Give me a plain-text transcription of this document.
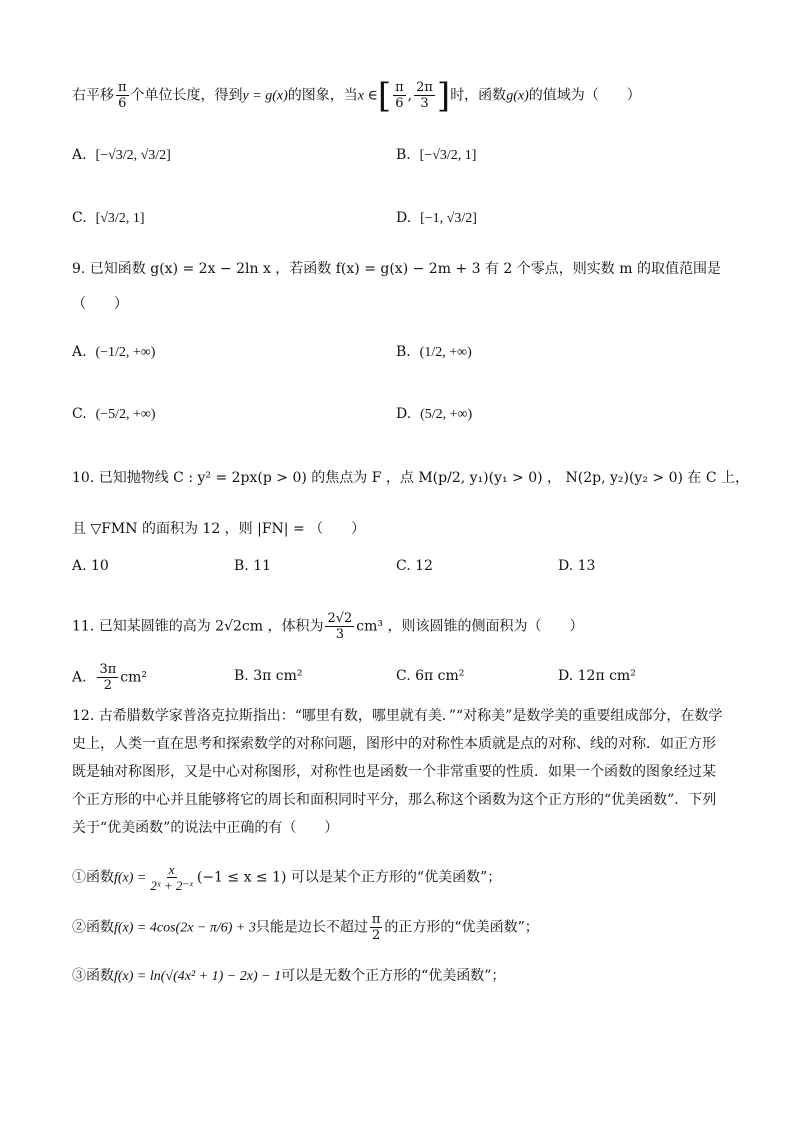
右平移 $\frac{\pi}{6}$ 个单位长度，得到y = g(x)的图象，当x ∈[ $\frac{\pi}{6}$ , $\frac{2\pi}{3}$ ]时，函数g(x)的值域为（　　）
A. [−√3/2, √3/2]	B. [−√3/2, 1]
C. [√3/2, 1]	D. [−1, √3/2]
9. 已知函数 g(x) = 2x − 2ln x ，若函数 f(x) = g(x) − 2m + 3 有 2 个零点，则实数 m 的取值范围是
（　　）
A. (−1/2, +∞)	B. (1/2, +∞)
C. (−5/2, +∞)	D. (5/2, +∞)
10. 已知抛物线 C : y² = 2px(p > 0) 的焦点为 F ，点 M(p/2, y₁)(y₁ > 0) ， N(2p, y₂)(y₂ > 0) 在 C 上，
且 ▽FMN 的面积为 12 ，则 |FN| = （　　）
A. 10	B. 11	C. 12	D. 13
11. 已知某圆锥的高为 2√2cm ，体积为 $\frac{2√2}{3} cm^3$ ，则该圆锥的侧面积为（　　）
A. $\frac{3\pi}{2} cm^2$	B. 3π cm²	C. 6π cm²	D. 12π cm²
12. 古希腊数学家普洛克拉斯指出：“哪里有数，哪里就有美．”“对称美”是数学美的重要组成部分，在数学史上，人类一直在思考和探索数学的对称问题，图形中的对称性本质就是点的对称、线的对称．如正方形既是轴对称图形，又是中心对称图形，对称性也是函数一个非常重要的性质．如果一个函数的图象经过某个正方形的中心并且能够将它的周长和面积同时平分，那么称这个函数为这个正方形的“优美函数”．下列关于“优美函数”的说法中正确的有（　　）
①函数$f(x) = \frac{x}{\text{2ˣ + 2⁻ˣ}} (-1 \le x \le 1)$ 可以是某个正方形的“优美函数”；
②函数f(x) = 4cos(2x − π/6) + 3只能是边长不超过 $\frac{\pi}{2}$ 的正方形的“优美函数”；
③函数f(x) = ln(√(4x² + 1) − 2x) − 1可以是无数个正方形的“优美函数”；
